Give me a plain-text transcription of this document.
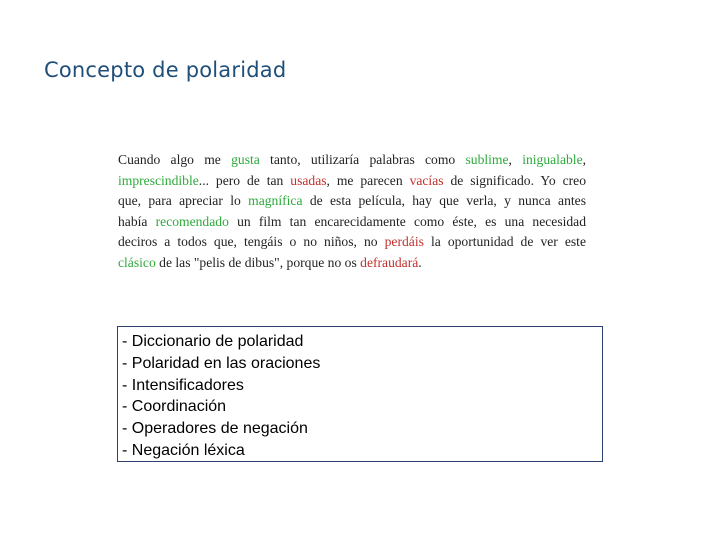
Concepto de polaridad
Cuando algo me gusta tanto, utilizaría palabras como sublime, inigualable,
imprescindible... pero de tan usadas, me parecen vacías de significado. Yo creo
que, para apreciar lo magnífica de esta película, hay que verla, y nunca antes
había recomendado un film tan encarecidamente como éste, es una necesidad
deciros a todos que, tengáis o no niños, no perdáis la oportunidad de ver este
clásico de las "pelis de dibus", porque no os defraudará.
- Diccionario de polaridad
- Polaridad en las oraciones
- Intensificadores
- Coordinación
- Operadores de negación
- Negación léxica
